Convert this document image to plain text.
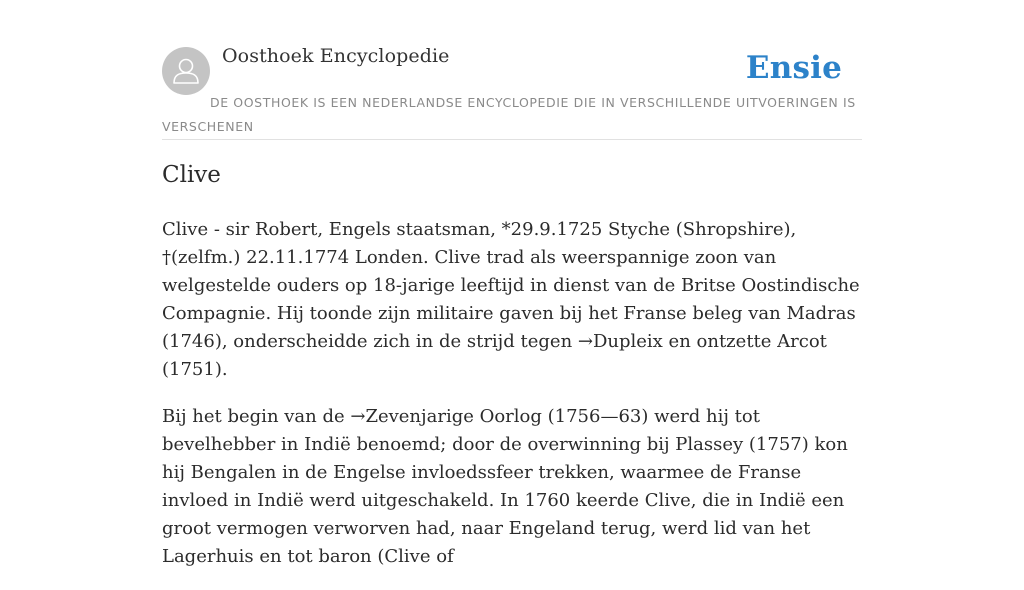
Oosthoek Encyclopedie	Ensie
DE OOSTHOEK IS EEN NEDERLANDSE ENCYCLOPEDIE DIE IN VERSCHILLENDE UITVOERINGEN IS VERSCHENEN
Clive

Clive - sir Robert, Engels staatsman, *29.9.1725 Styche (Shropshire), †(zelfm.) 22.11.1774 Londen. Clive trad als weerspannige zoon van welgestelde ouders op 18-jarige leeftijd in dienst van de Britse Oostindische Compagnie. Hij toonde zijn militaire gaven bij het Franse beleg van Madras (1746), onderscheidde zich in de strijd tegen →Dupleix en ontzette Arcot (1751).

Bij het begin van de →Zevenjarige Oorlog (1756—63) werd hij tot bevelhebber in Indië benoemd; door de overwinning bij Plassey (1757) kon hij Bengalen in de Engelse invloedssfeer trekken, waarmee de Franse invloed in Indië werd uitgeschakeld. In 1760 keerde Clive, die in Indië een groot vermogen verworven had, naar Engeland terug, werd lid van het Lagerhuis en tot baron (Clive of
